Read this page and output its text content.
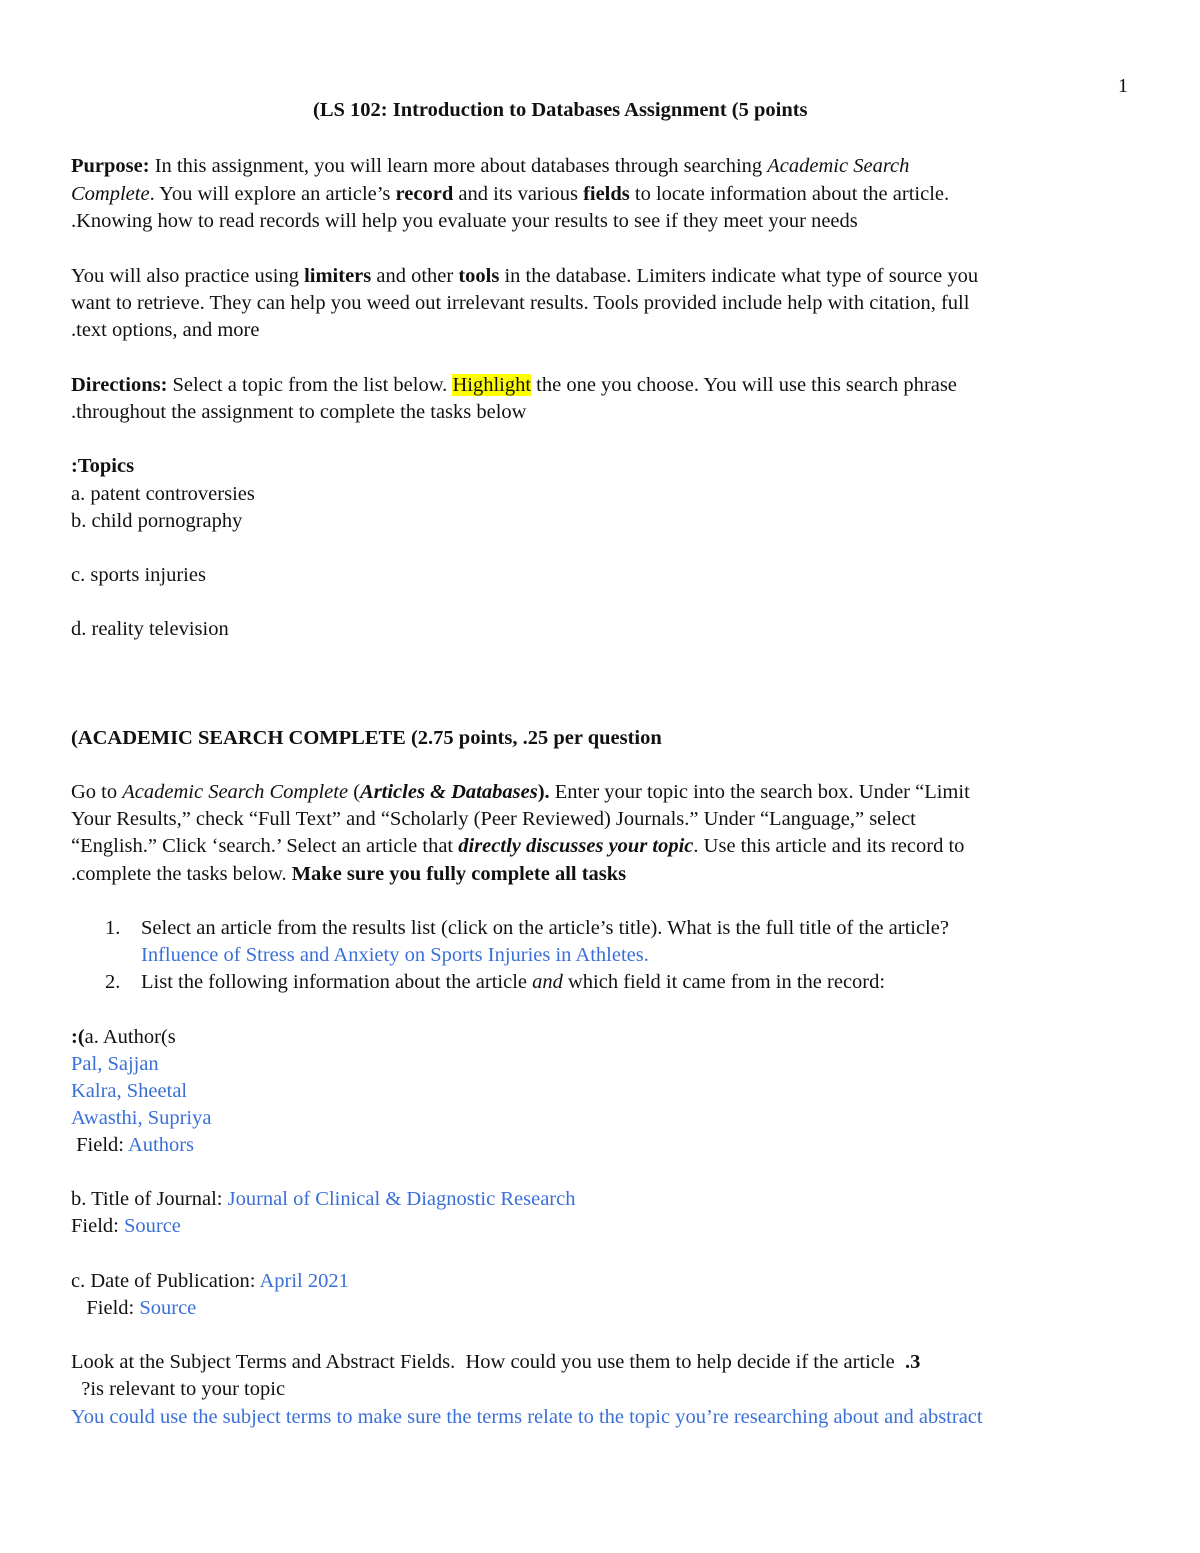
1
(LS 102: Introduction to Databases Assignment (5 points
Purpose: In this assignment, you will learn more about databases through searching Academic Search
Complete. You will explore an article’s record and its various fields to locate information about the article.
.Knowing how to read records will help you evaluate your results to see if they meet your needs
You will also practice using limiters and other tools in the database. Limiters indicate what type of source you
want to retrieve. They can help you weed out irrelevant results. Tools provided include help with citation, full
.text options, and more
Directions: Select a topic from the list below. Highlight the one you choose. You will use this search phrase
.throughout the assignment to complete the tasks below
:Topics
a. patent controversies
b. child pornography
c. sports injuries
d. reality television
(ACADEMIC SEARCH COMPLETE (2.75 points, .25 per question
Go to Academic Search Complete (Articles & Databases). Enter your topic into the search box. Under “Limit
Your Results,” check “Full Text” and “Scholarly (Peer Reviewed) Journals.” Under “Language,” select
“English.” Click ‘search.’ Select an article that directly discusses your topic. Use this article and its record to
.complete the tasks below. Make sure you fully complete all tasks
1. Select an article from the results list (click on the article’s title). What is the full title of the article?
Influence of Stress and Anxiety on Sports Injuries in Athletes.
2. List the following information about the article and which field it came from in the record:
:(a. Author(s
Pal, Sajjan
Kalra, Sheetal
Awasthi, Supriya
Field: Authors
b. Title of Journal: Journal of Clinical & Diagnostic Research
Field: Source
c. Date of Publication: April 2021
Field: Source
Look at the Subject Terms and Abstract Fields.  How could you use them to help decide if the article  .3
?is relevant to your topic
You could use the subject terms to make sure the terms relate to the topic you’re researching about and abstract
